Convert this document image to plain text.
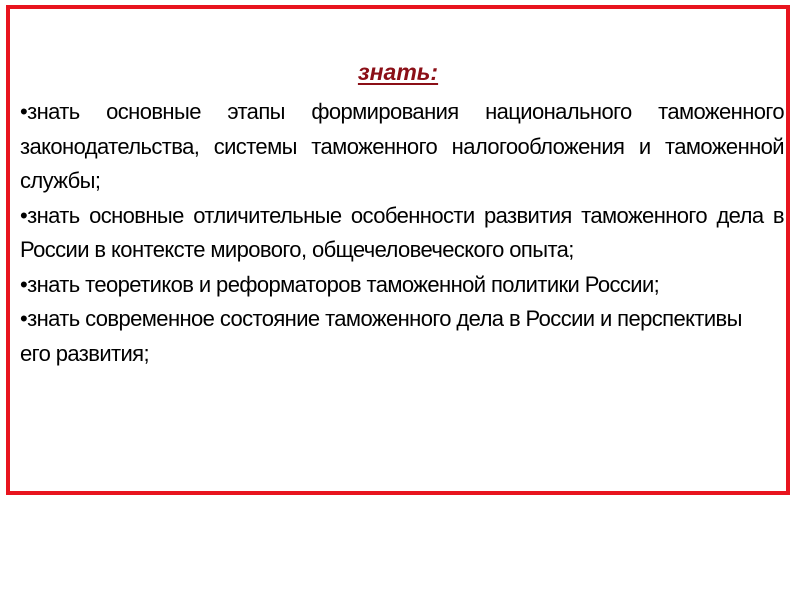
знать:
•знать основные этапы формирования национального таможенного законодательства, системы таможенного налогообложения и таможенной службы;
•знать основные отличительные особенности развития таможенного дела в России в контексте мирового, общечеловеческого опыта;
•знать теоретиков и реформаторов таможенной политики России;
•знать современное состояние таможенного дела в России и перспективы его развития;
